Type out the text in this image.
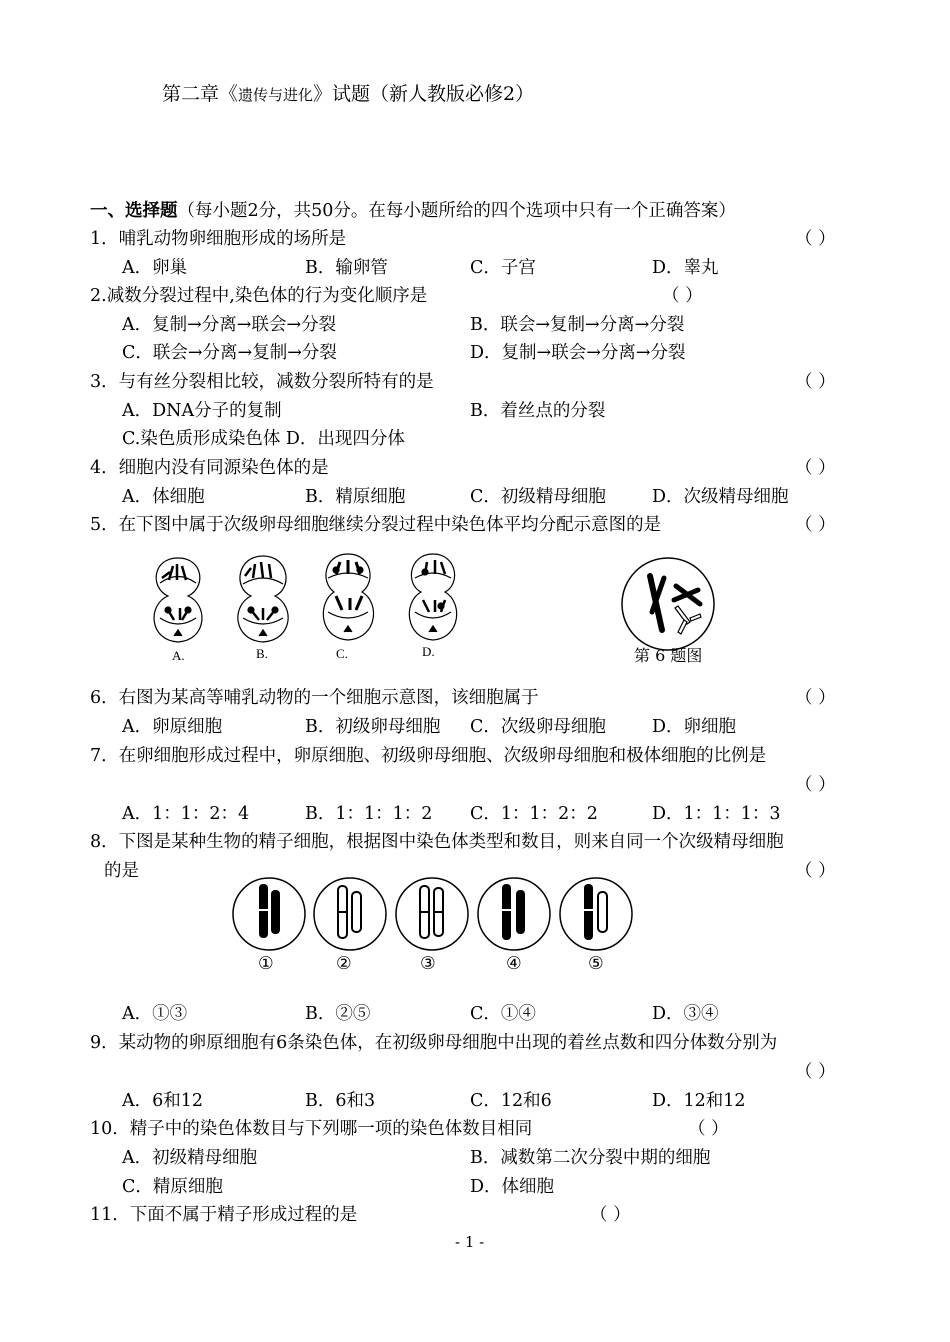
第二章《遗传与进化》试题（新人教版必修2）
一、选择题（每小题2分，共50分。在每小题所给的四个选项中只有一个正确答案）
1．哺乳动物卵细胞形成的场所是	（ ）
A．卵巢	B．输卵管	C．子宫	D．睾丸
2.减数分裂过程中,染色体的行为变化顺序是	（ ）
A．复制→分离→联会→分裂	B．联会→复制→分离→分裂
C．联会→分离→复制→分裂	D．复制→联会→分离→分裂
3．与有丝分裂相比较，减数分裂所特有的是	（ ）
A．DNA分子的复制	B．着丝点的分裂
C.染色质形成染色体 D．出现四分体
4．细胞内没有同源染色体的是	（ ）
A．体细胞	B．精原细胞	C．初级精母细胞	D．次级精母细胞
5．在下图中属于次级卵母细胞继续分裂过程中染色体平均分配示意图的是	（ ）
A.	B.	C.	D.	第 6 题图
6．右图为某高等哺乳动物的一个细胞示意图，该细胞属于	（ ）
A．卵原细胞	B．初级卵母细胞 C．次级卵母细胞	D．卵细胞
7．在卵细胞形成过程中，卵原细胞、初级卵母细胞、次级卵母细胞和极体细胞的比例是
（ ）
A．1：1：2：4	B．1：1：1：2 C．1：1：2：2	D．1：1：1：3
8．下图是某种生物的精子细胞，根据图中染色体类型和数目，则来自同一个次级精母细胞
的是	（ ）
①	②	③	④	⑤
A．①③	B．②⑤	C．①④	D．③④
9．某动物的卵原细胞有6条染色体，在初级卵母细胞中出现的着丝点数和四分体数分别为
（ ）
A．6和12	B．6和3	C．12和6	D．12和12
10．精子中的染色体数目与下列哪一项的染色体数目相同	（ ）
A．初级精母细胞	B．减数第二次分裂中期的细胞
C．精原细胞	D．体细胞
11．下面不属于精子形成过程的是	（ ）
- 1 -
